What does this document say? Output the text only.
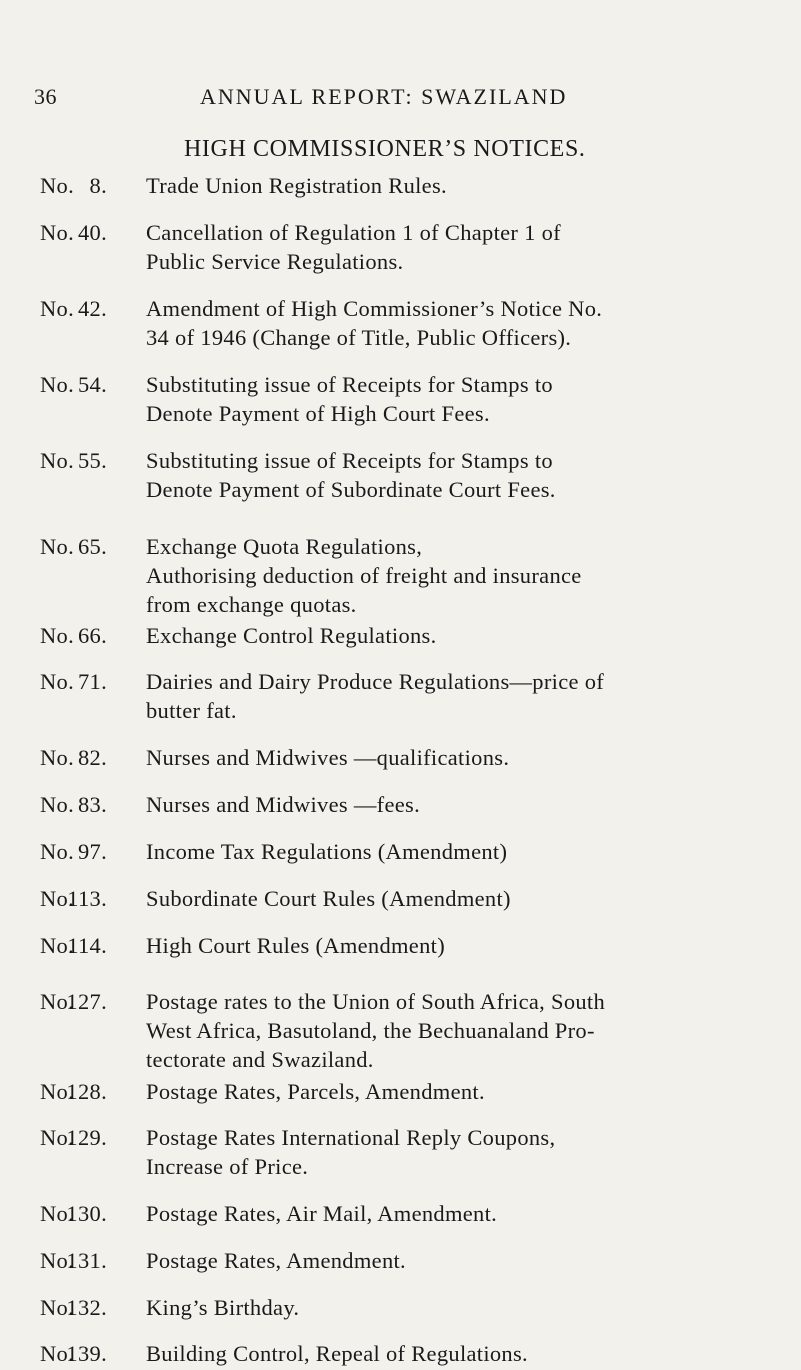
36	ANNUAL REPORT: SWAZILAND
HIGH COMMISSIONER’S NOTICES.
No. 8. Trade Union Registration Rules.
No. 40. Cancellation of Regulation 1 of Chapter 1 of
Public Service Regulations.
No. 42. Amendment of High Commissioner’s Notice No.
34 of 1946 (Change of Title, Public Officers).
No. 54. Substituting issue of Receipts for Stamps to
Denote Payment of High Court Fees.
No. 55. Substituting issue of Receipts for Stamps to
Denote Payment of Subordinate Court Fees.
No. 65. Exchange Quota Regulations,
Authorising deduction of freight and insurance
from exchange quotas.
No. 66. Exchange Control Regulations.
No. 71. Dairies and Dairy Produce Regulations—price of
butter fat.
No. 82. Nurses and Midwives —qualifications.
No. 83. Nurses and Midwives —fees.
No. 97. Income Tax Regulations (Amendment)
No.
113. Subordinate Court Rules (Amendment)
No.
114. High Court Rules (Amendment)
No.
127. Postage rates to the Union of South Africa, South
West Africa, Basutoland, the Bechuanaland Pro-
tectorate and Swaziland.
No.
128. Postage Rates, Parcels, Amendment.
No.
129. Postage Rates International Reply Coupons,
Increase of Price.
No.
130. Postage Rates, Air Mail, Amendment.
No.
131. Postage Rates, Amendment.
No.
132. King’s Birthday.
No.
139. Building Control, Repeal of Regulations.
